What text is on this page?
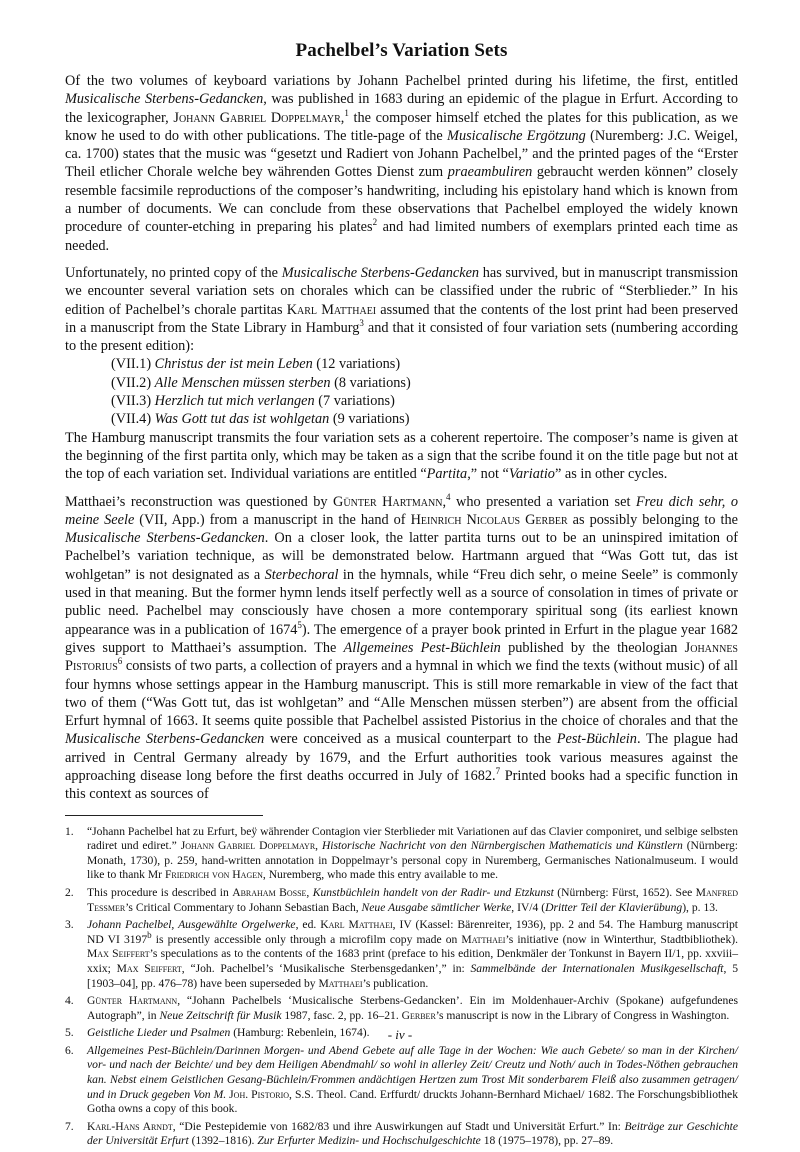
Pachelbel’s Variation Sets

Of the two volumes of keyboard variations by Johann Pachelbel printed during his lifetime, the first, entitled Musicalische Sterbens-Gedancken, was published in 1683 during an epidemic of the plague in Erfurt. According to the lexicographer, Johann Gabriel Doppelmayr,$^1$ the composer himself etched the plates for this publication, as we know he used to do with other publications. The title-page of the Musicalische Ergötzung (Nuremberg: J.C. Weigel, ca. 1700) states that the music was “gesetzt und Radiert von Johann Pachelbel,” and the printed pages of the “Erster Theil etlicher Chorale welche bey währenden Gottes Dienst zum praeambuliren gebraucht werden können” closely resemble facsimile reproductions of the composer’s handwriting, including his epistolary hand which is known from a number of documents. We can conclude from these observations that Pachelbel employed the widely known procedure of counter-etching in preparing his plates$^2$ and had limited numbers of exemplars printed each time as needed.

Unfortunately, no printed copy of the Musicalische Sterbens-Gedancken has survived, but in manuscript transmission we encounter several variation sets on chorales which can be classified under the rubric of “Sterblieder.” In his edition of Pachelbel’s chorale partitas Karl Matthaei assumed that the contents of the lost print had been preserved in a manuscript from the State Library in Hamburg$^3$ and that it consisted of four variation sets (numbering according to the present edition):

(VII.1) Christus der ist mein Leben (12 variations)
(VII.2) Alle Menschen müssen sterben (8 variations)
(VII.3) Herzlich tut mich verlangen (7 variations)
(VII.4) Was Gott tut das ist wohlgetan (9 variations)

The Hamburg manuscript transmits the four variation sets as a coherent repertoire. The composer’s name is given at the beginning of the first partita only, which may be taken as a sign that the scribe found it on the title page but not at the top of each variation set. Individual variations are entitled “Partita,” not “Variatio” as in other cycles.

Matthaei’s reconstruction was questioned by Günter Hartmann,$^4$ who presented a variation set Freu dich sehr, o meine Seele (VII, App.) from a manuscript in the hand of Heinrich Nicolaus Gerber as possibly belonging to the Musicalische Sterbens-Gedancken. On a closer look, the latter partita turns out to be an uninspired imitation of Pachelbel’s variation technique, as will be demonstrated below. Hartmann argued that “Was Gott tut, das ist wohlgetan” is not designated as a Sterbechoral in the hymnals, while “Freu dich sehr, o meine Seele” is commonly used in that meaning. But the former hymn lends itself perfectly well as a source of consolation in times of private or public need. Pachelbel may consciously have chosen a more contemporary spiritual song (its earliest known appearance was in a publication of 1674$^5$). The emergence of a prayer book printed in Erfurt in the plague year 1682 gives support to Matthaei’s assumption. The Allgemeines Pest-Büchlein published by the theologian Johannes Pistorius$^6$ consists of two parts, a collection of prayers and a hymnal in which we find the texts (without music) of all four hymns whose settings appear in the Hamburg manuscript. This is still more remarkable in view of the fact that two of them (“Was Gott tut, das ist wohlgetan” and “Alle Menschen müssen sterben”) are absent from the official Erfurt hymnal of 1663. It seems quite possible that Pachelbel assisted Pistorius in the choice of chorales and that the Musicalische Sterbens-Gedancken were conceived as a musical counterpart to the Pest-Büchlein. The plague had arrived in Central Germany already by 1679, and the Erfurt authorities took various measures against the approaching disease long before the first deaths occurred in July of 1682.$^7$ Printed books had a specific function in this context as sources of

1. “Johann Pachelbel hat zu Erfurt, beÿ währender Contagion vier Sterblieder mit Variationen auf das Clavier componiret, und selbige selbsten radiret und ediret.” Johann Gabriel Doppelmayr, Historische Nachricht von den Nürnbergischen Mathematicis und Künstlern (Nürnberg: Monath, 1730), p. 259, hand-written annotation in Doppelmayr’s personal copy in Nuremberg, Germanisches Nationalmuseum. I would like to thank Mr Friedrich von Hagen, Nuremberg, who made this entry available to me.
2. This procedure is described in Abraham Bosse, Kunstbüchlein handelt von der Radir- und Etzkunst (Nürnberg: Fürst, 1652). See Manfred Tessmer’s Critical Commentary to Johann Sebastian Bach, Neue Ausgabe sämtlicher Werke, IV/4 (Dritter Teil der Klavierübung), p. 13.
3. Johann Pachelbel, Ausgewählte Orgelwerke, ed. Karl Matthaei, IV (Kassel: Bärenreiter, 1936), pp. 2 and 54. The Hamburg manuscript ND VI 3197$^b$ is presently accessible only through a microfilm copy made on Matthaei’s initiative (now in Winterthur, Stadtbibliothek). Max Seiffert’s speculations as to the contents of the 1683 print (preface to his edition, Denkmäler der Tonkunst in Bayern II/1, pp. xxviii–xxix; Max Seiffert, “Joh. Pachelbel’s ‘Musikalische Sterbensgedanken’,” in: Sammelbände der Internationalen Musikgesellschaft, 5 [1903–04], pp. 476–78) have been superseded by Matthaei’s publication.
4. Günter Hartmann, “Johann Pachelbels ‘Musicalische Sterbens-Gedancken’. Ein im Moldenhauer-Archiv (Spokane) aufgefundenes Autograph”, in Neue Zeitschrift für Musik 1987, fasc. 2, pp. 16–21. Gerber’s manuscript is now in the Library of Congress in Washington.
5. Geistliche Lieder und Psalmen (Hamburg: Rebenlein, 1674).
6. Allgemeines Pest-Büchlein/Darinnen Morgen- und Abend Gebete auf alle Tage in der Wochen: Wie auch Gebete/ so man in der Kirchen/ vor- und nach der Beichte/ und bey dem Heiligen Abendmahl/ so wohl in allerley Zeit/ Creutz und Noth/ auch in Todes-Nöthen gebrauchen kan. Nebst einem Geistlichen Gesang-Büchlein/Frommen andächtigen Hertzen zum Trost Mit sonderbarem Fleiß also zusammen getragen/ und in Druck gegeben Von M. Joh. Pistorio, S.S. Theol. Cand. Erffurdt/ druckts Johann-Bernhard Michael/ 1682. The Forschungsbibliothek Gotha owns a copy of this book.
7. Karl-Hans Arndt, “Die Pestepidemie von 1682/83 und ihre Auswirkungen auf Stadt und Universität Erfurt.” In: Beiträge zur Geschichte der Universität Erfurt (1392–1816). Zur Erfurter Medizin- und Hochschulgeschichte 18 (1975–1978), pp. 27–89.
- iv -
